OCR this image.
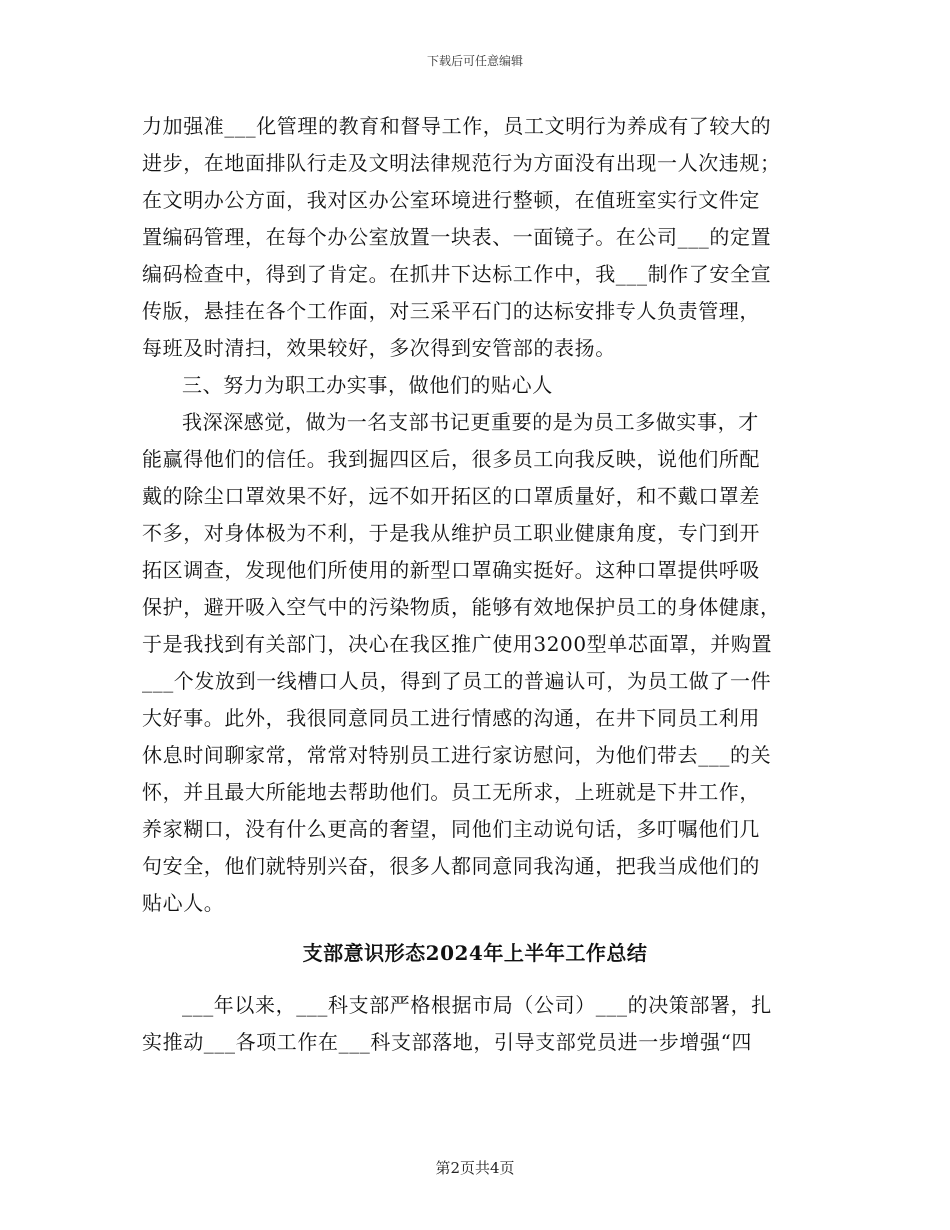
下载后可任意编辑
力加强准___化管理的教育和督导工作，员工文明行为养成有了较大的
进步，在地面排队行走及文明法律规范行为方面没有出现一人次违规；
在文明办公方面，我对区办公室环境进行整顿，在值班室实行文件定
置编码管理，在每个办公室放置一块表、一面镜子。在公司___的定置
编码检查中，得到了肯定。在抓井下达标工作中，我___制作了安全宣
传版，悬挂在各个工作面，对三采平石门的达标安排专人负责管理，
每班及时清扫，效果较好，多次得到安管部的表扬。
三、努力为职工办实事，做他们的贴心人
我深深感觉，做为一名支部书记更重要的是为员工多做实事，才
能赢得他们的信任。我到掘四区后，很多员工向我反映，说他们所配
戴的除尘口罩效果不好，远不如开拓区的口罩质量好，和不戴口罩差
不多，对身体极为不利，于是我从维护员工职业健康角度，专门到开
拓区调查，发现他们所使用的新型口罩确实挺好。这种口罩提供呼吸
保护，避开吸入空气中的污染物质，能够有效地保护员工的身体健康，
于是我找到有关部门，决心在我区推广使用3200型单芯面罩，并购置
___个发放到一线槽口人员，得到了员工的普遍认可，为员工做了一件
大好事。此外，我很同意同员工进行情感的沟通，在井下同员工利用
休息时间聊家常，常常对特别员工进行家访慰问，为他们带去___的关
怀，并且最大所能地去帮助他们。员工无所求，上班就是下井工作，
养家糊口，没有什么更高的奢望，同他们主动说句话，多叮嘱他们几
句安全，他们就特别兴奋，很多人都同意同我沟通，把我当成他们的
贴心人。
支部意识形态2024年上半年工作总结
___年以来，___科支部严格根据市局（公司）___的决策部署，扎
实推动___各项工作在___科支部落地，引导支部党员进一步增强“四
第2页共4页
